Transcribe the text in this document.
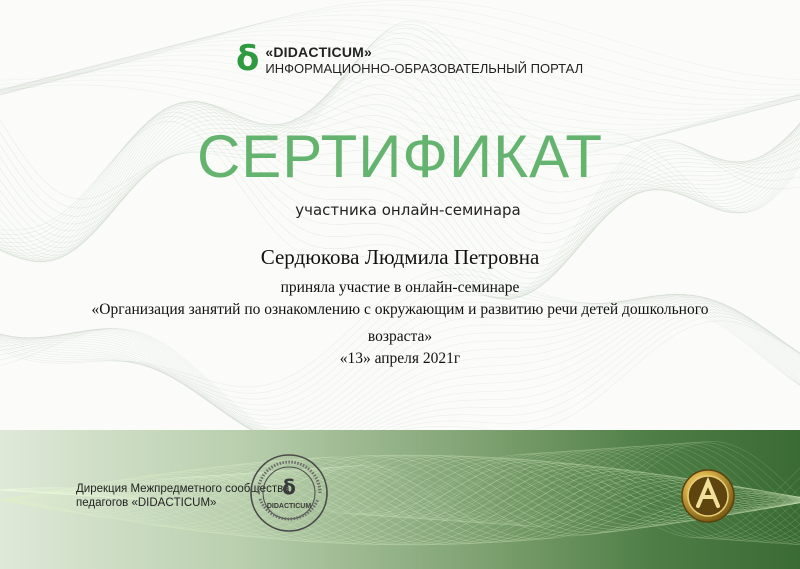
δ «DIDACTICUM»
ИНФОРМАЦИОННО-ОБРАЗОВАТЕЛЬНЫЙ ПОРТАЛ
СЕРТИФИКАТ
участника онлайн-семинара
Сердюкова Людмила Петровна
приняла участие в онлайн-семинаре
«Организация занятий по ознакомлению с окружающим и развитию речи детей дошкольного
возраста»
«13» апреля 2021г
Дирекция Межпредметного сообщества
педагогов «DIDACTICUM»
δ
DIDACTICUM
